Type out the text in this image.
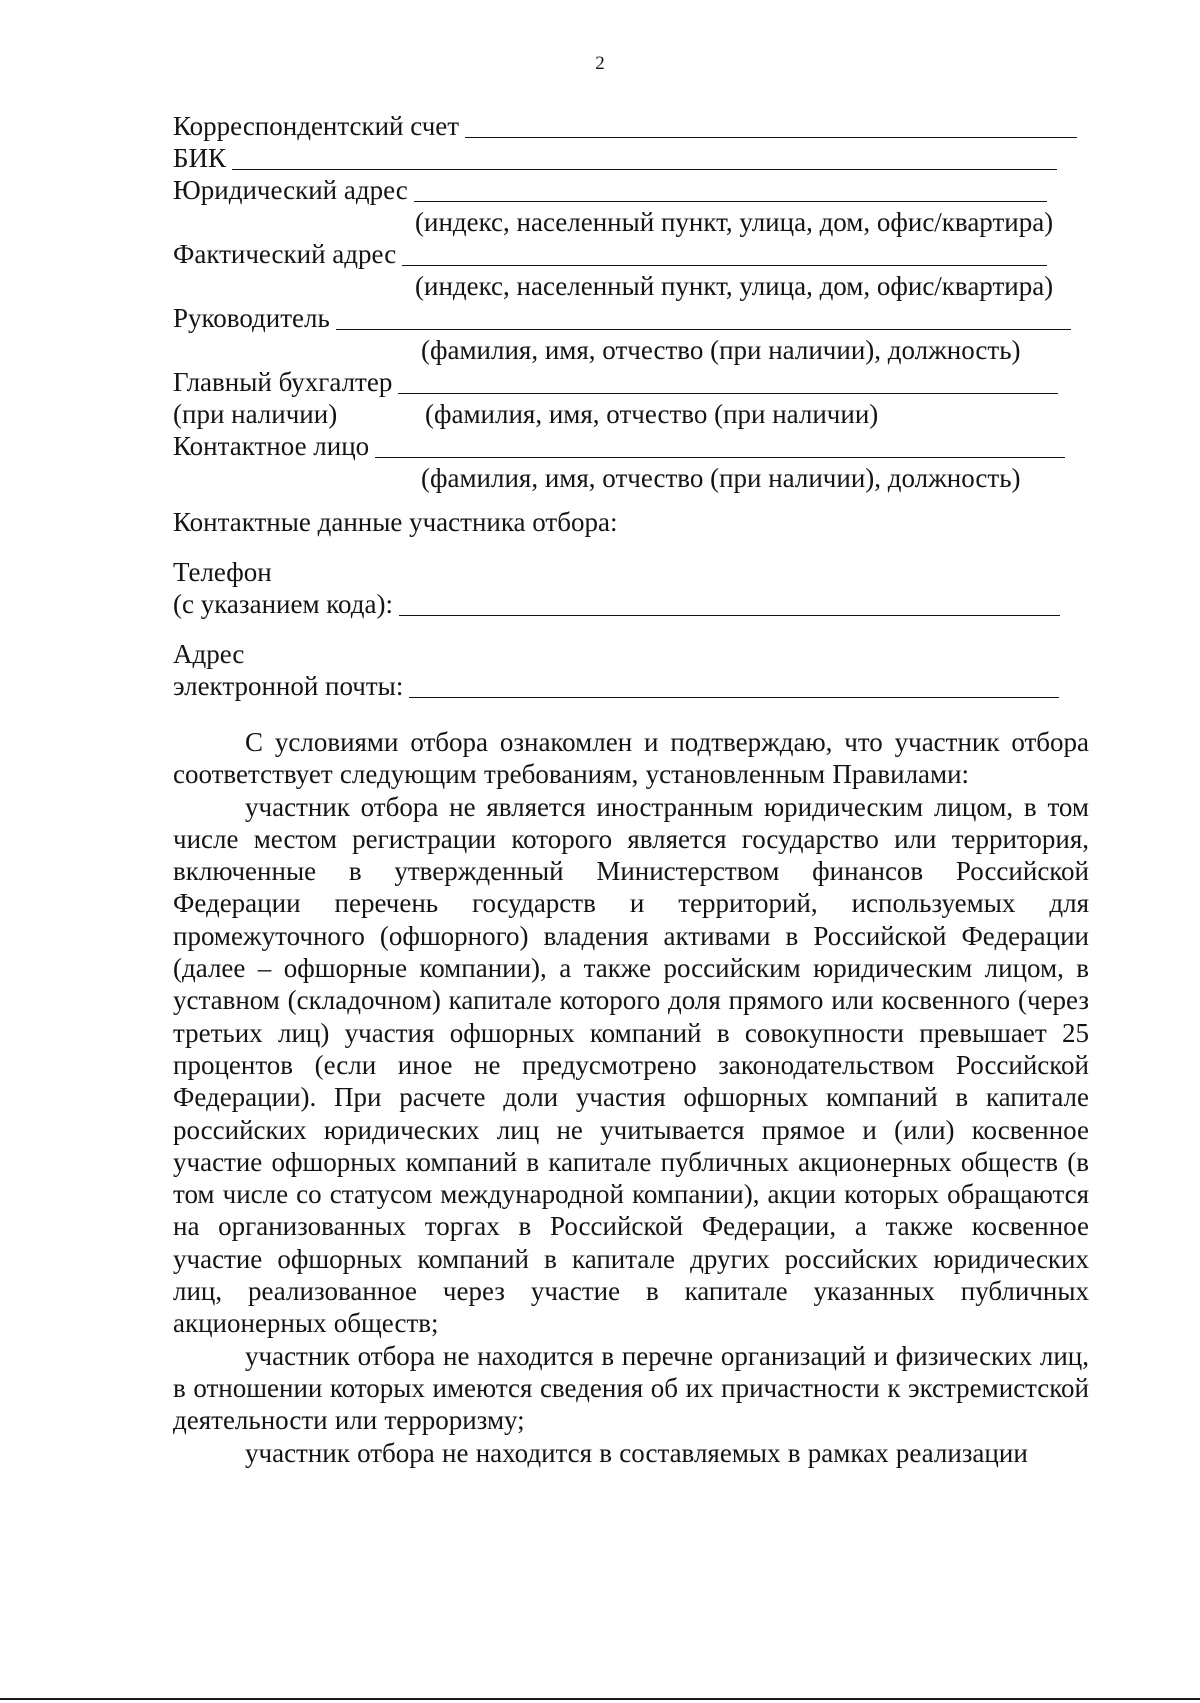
2
Корреспондентский счет
БИК
Юридический адрес
(индекс, населенный пункт, улица, дом, офис/квартира)
Фактический адрес
(индекс, населенный пункт, улица, дом, офис/квартира)
Руководитель
(фамилия, имя, отчество (при наличии), должность)
Главный бухгалтер
(при наличии)	(фамилия, имя, отчество (при наличии)
Контактное лицо
(фамилия, имя, отчество (при наличии), должность)
Контактные данные участника отбора:
Телефон
(с указанием кода):
Адрес
электронной почты:

С условиями отбора ознакомлен и подтверждаю, что участник отбора соответствует следующим требованиям, установленным Правилами:

участник отбора не является иностранным юридическим лицом, в том числе местом регистрации которого является государство или территория, включенные в утвержденный Министерством финансов Российской Федерации перечень государств и территорий, используемых для промежуточного (офшорного) владения активами в Российской Федерации (далее – офшорные компании), а также российским юридическим лицом, в уставном (складочном) капитале которого доля прямого или косвенного (через третьих лиц) участия офшорных компаний в совокупности превышает 25 процентов (если иное не предусмотрено законодательством Российской Федерации). При расчете доли участия офшорных компаний в капитале российских юридических лиц не учитывается прямое и (или) косвенное участие офшорных компаний в капитале публичных акционерных обществ (в том числе со статусом международной компании), акции которых обращаются на организованных торгах в Российской Федерации, а также косвенное участие офшорных компаний в капитале других российских юридических лиц, реализованное через участие в капитале указанных публичных акционерных обществ;

участник отбора не находится в перечне организаций и физических лиц, в отношении которых имеются сведения об их причастности к экстремистской деятельности или терроризму;

участник отбора не находится в составляемых в рамках реализации
